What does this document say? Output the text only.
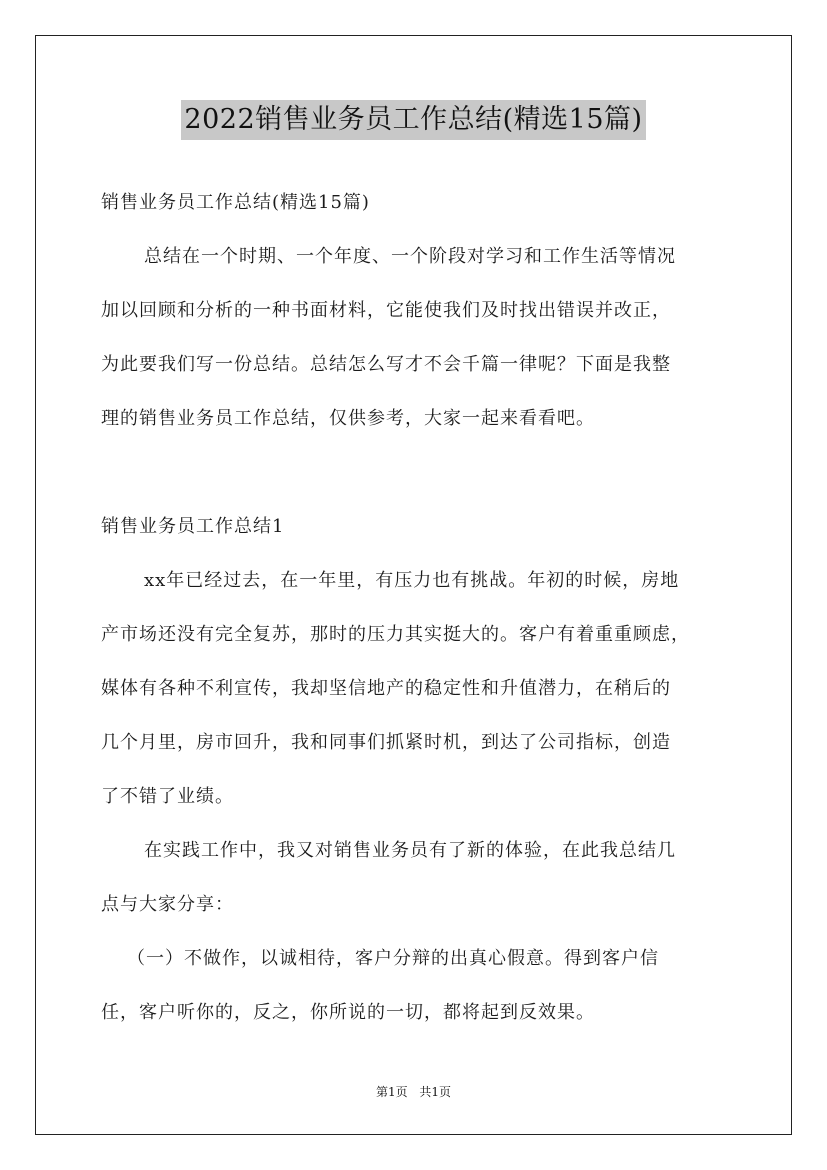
2022销售业务员工作总结(精选15篇)
销售业务员工作总结(精选15篇)
总结在一个时期、一个年度、一个阶段对学习和工作生活等情况
加以回顾和分析的一种书面材料，它能使我们及时找出错误并改正，
为此要我们写一份总结。总结怎么写才不会千篇一律呢？下面是我整
理的销售业务员工作总结，仅供参考，大家一起来看看吧。
销售业务员工作总结1
xx年已经过去，在一年里，有压力也有挑战。年初的时候，房地
产市场还没有完全复苏，那时的压力其实挺大的。客户有着重重顾虑，
媒体有各种不利宣传，我却坚信地产的稳定性和升值潜力，在稍后的
几个月里，房市回升，我和同事们抓紧时机，到达了公司指标，创造
了不错了业绩。
在实践工作中，我又对销售业务员有了新的体验，在此我总结几
点与大家分享：
（一）不做作，以诚相待，客户分辩的出真心假意。得到客户信
任，客户听你的，反之，你所说的一切，都将起到反效果。
第1页 共1页
